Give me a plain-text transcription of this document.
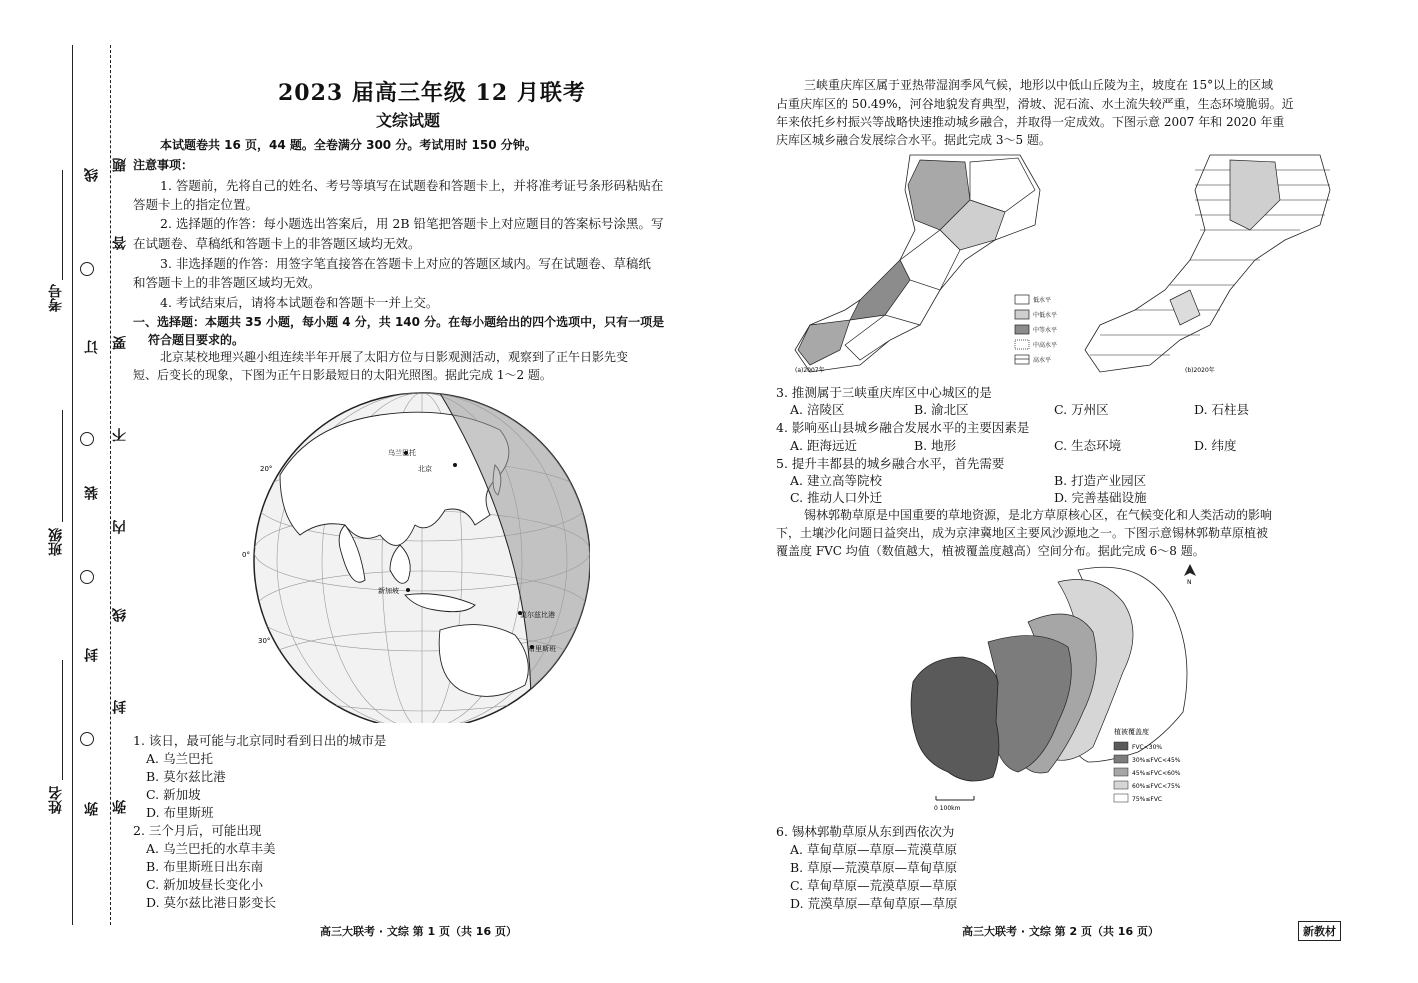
考号
班级
姓名
线
订
装
封
弥
题
答
要
不
内
线
封
弥
2023 届高三年级 12 月联考
文综试题
本试题卷共 16 页，44 题。全卷满分 300 分。考试用时 150 分钟。
注意事项：
1. 答题前，先将自己的姓名、考号等填写在试题卷和答题卡上，并将准考证号条形码粘贴在
答题卡上的指定位置。
2. 选择题的作答：每小题选出答案后，用 2B 铅笔把答题卡上对应题目的答案标号涂黑。写
在试题卷、草稿纸和答题卡上的非答题区域均无效。
3. 非选择题的作答：用签字笔直接答在答题卡上对应的答题区域内。写在试题卷、草稿纸
和答题卡上的非答题区域均无效。
4. 考试结束后，请将本试题卷和答题卡一并上交。
一、选择题：本题共 35 小题，每小题 4 分，共 140 分。在每小题给出的四个选项中，只有一项是
符合题目要求的。
北京某校地理兴趣小组连续半年开展了太阳方位与日影观测活动，观察到了正午日影先变
短、后变长的现象，下图为正午日影最短日的太阳光照图。据此完成 1～2 题。
乌兰巴托
北京
新加坡
莫尔兹比港
布里斯班
20°
0°
30°
1. 该日，最可能与北京同时看到日出的城市是
A. 乌兰巴托
B. 莫尔兹比港
C. 新加坡
D. 布里斯班
2. 三个月后，可能出现
A. 乌兰巴托的水草丰美
B. 布里斯班日出东南
C. 新加坡昼长变化小
D. 莫尔兹比港日影变长
高三大联考 · 文综 第 1 页（共 16 页）
三峡重庆库区属于亚热带湿润季风气候，地形以中低山丘陵为主，坡度在 15°以上的区域
占重庆库区的 50.49%，河谷地貌发育典型，滑坡、泥石流、水土流失较严重，生态环境脆弱。近
年来依托乡村振兴等战略快速推动城乡融合，并取得一定成效。下图示意 2007 年和 2020 年重
庆库区城乡融合发展综合水平。据此完成 3～5 题。
(a)2007年
低水平
中低水平
中等水平
中高水平
高水平
(b)2020年
3. 推测属于三峡重庆库区中心城区的是
A. 涪陵区	B. 渝北区	C. 万州区	D. 石柱县
4. 影响巫山县城乡融合发展水平的主要因素是
A. 距海远近	B. 地形	C. 生态环境	D. 纬度
5. 提升丰都县的城乡融合水平，首先需要
A. 建立高等院校	B. 打造产业园区
C. 推动人口外迁	D. 完善基础设施
锡林郭勒草原是中国重要的草地资源，是北方草原核心区，在气候变化和人类活动的影响
下，土壤沙化问题日益突出，成为京津冀地区主要风沙源地之一。下图示意锡林郭勒草原植被
覆盖度 FVC 均值（数值越大，植被覆盖度越高）空间分布。据此完成 6～8 题。
N
植被覆盖度
FVC<30%
30%≤FVC<45%
45%≤FVC<60%
60%≤FVC<75%
75%≤FVC
0 100km
6. 锡林郭勒草原从东到西依次为
A. 草甸草原—草原—荒漠草原
B. 草原—荒漠草原—草甸草原
C. 草甸草原—荒漠草原—草原
D. 荒漠草原—草甸草原—草原
高三大联考 · 文综 第 2 页（共 16 页）	新教材
